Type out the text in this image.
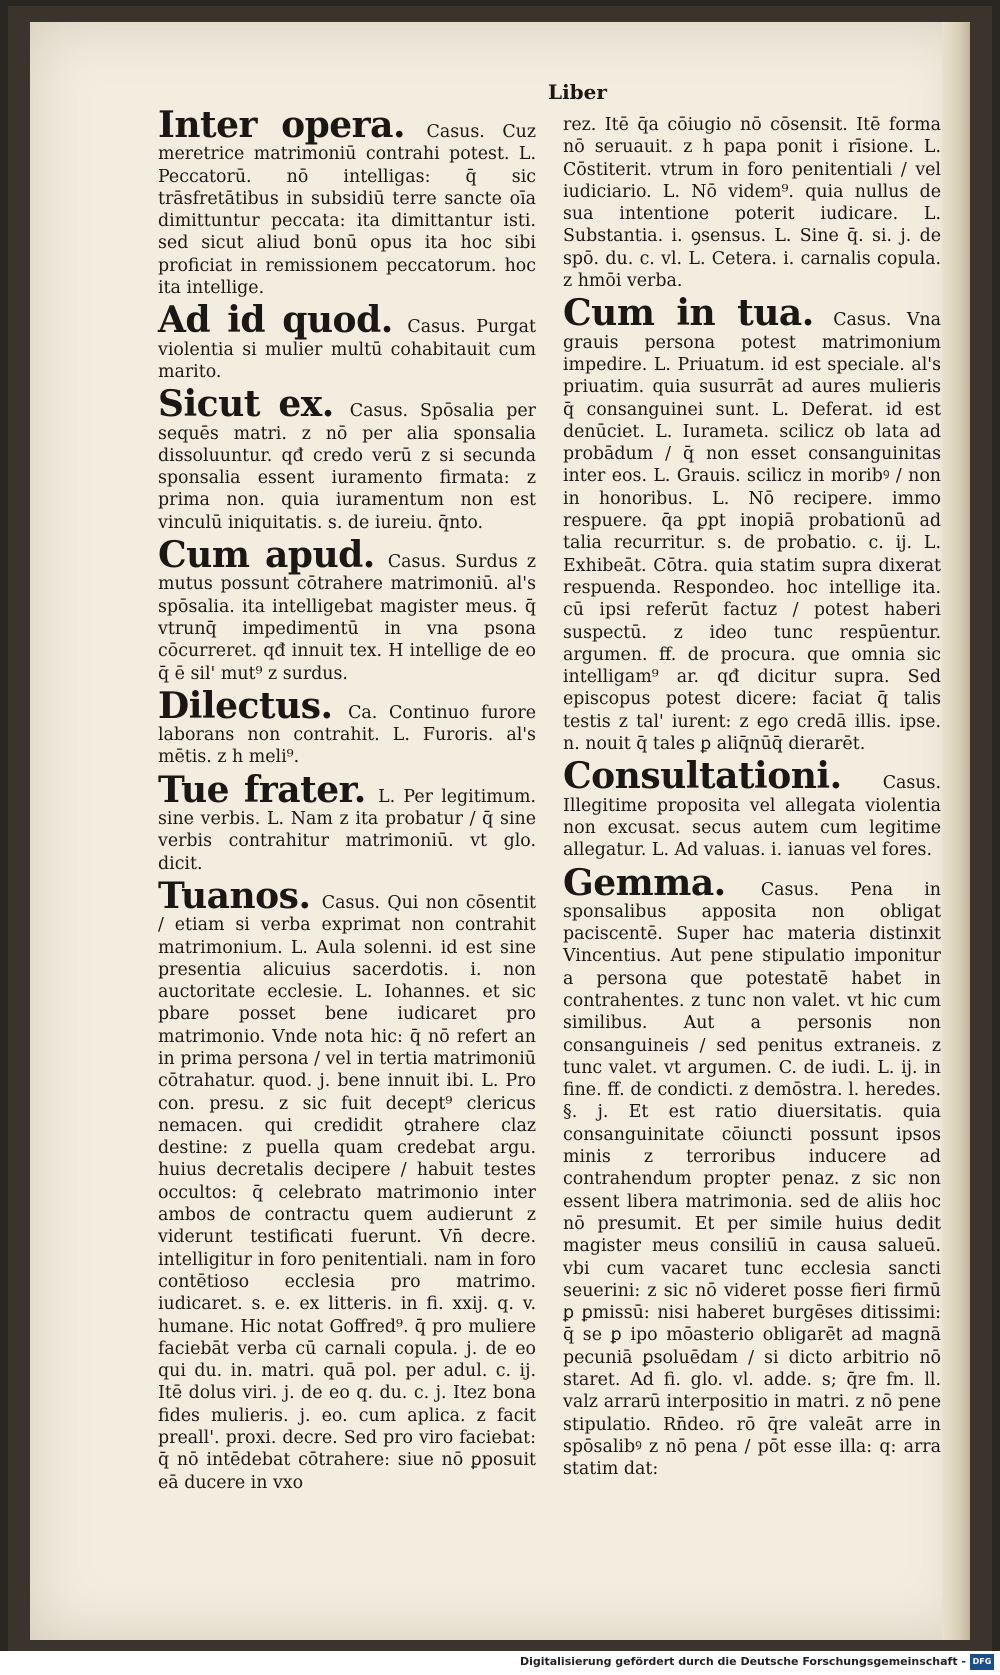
Liber

Inter opera. Casus. Cuz meretrice matrimoniū contrahi potest. L. Peccatorū. nō intelligas: q̄ sic trāsfretātibus in subsidiū terre sancte oīa dimittuntur peccata: ita dimittantur isti. sed sicut aliud bonū opus ita hoc sibi proficiat in remissionem peccatorum. hoc ita intellige.

Ad id quod. Casus. Purgat violentia si mulier multū cohabitauit cum marito.

Sicut ex. Casus. Spōsalia per sequēs matri. z nō per alia sponsalia dissoluuntur. qđ credo verū z si secunda sponsalia essent iuramento firmata: z prima non. quia iuramentum non est vinculū iniquitatis. s. de iureiu. q̄nto.

Cum apud. Casus. Surdus z mutus possunt cōtrahere matrimoniū. al's spōsalia. ita intelligebat magister meus. q̄ vtrunq̄ impedimentū in vna psona cōcurreret. qđ innuit tex. H intellige de eo q̄ ē sil' mut⁹ z surdus.

Dilectus. Ca. Continuo furore laborans non contrahit. L. Furoris. al's mētis. z h meli⁹.

Tue frater. L. Per legitimum. sine verbis. L. Nam z ita probatur / q̄ sine verbis contrahitur matrimoniū. vt glo. dicit.

Tuanos. Casus. Qui non cōsentit / etiam si verba exprimat non contrahit matrimonium. L. Aula solenni. id est sine presentia alicuius sacerdotis. i. non auctoritate ecclesie. L. Iohannes. et sic pbare posset bene iudicaret pro matrimonio. Vnde nota hic: q̄ nō refert an in prima persona / vel in tertia matrimoniū cōtrahatur. quod. j. bene innuit ibi. L. Pro con. presu. z sic fuit decept⁹ clericus nemacen. qui credidit ꝯtrahere claz destine: z puella quam credebat argu. huius decretalis decipere / habuit testes occultos: q̄ celebrato matrimonio inter ambos de contractu quem audierunt z viderunt testificati fuerunt. Vn̄ decre. intelligitur in foro penitentiali. nam in foro contētioso ecclesia pro matrimo. iudicaret. s. e. ex litteris. in fi. xxij. q. v. humane. Hic notat Goffred⁹. q̄ pro muliere faciebāt verba cū carnali copula. j. de eo qui du. in. matri. quā pol. per adul. c. ij. Itē dolus viri. j. de eo q. du. c. j. Itez bona fides mulieris. j. eo. cum aplica. z facit preall'. proxi. decre. Sed pro viro faciebat: q̄ nō intēdebat cōtrahere: siue nō ꝑposuit eā ducere in vxo

rez. Itē q̄a cōiugio nō cōsensit. Itē forma nō seruauit. z h papa ponit i rīsione. L. Cōstiterit. vtrum in foro penitentiali / vel iudiciario. L. Nō videm⁹. quia nullus de sua intentione poterit iudicare. L. Substantia. i. ꝯsensus. L. Sine q̄. si. j. de spō. du. c. vl. L. Cetera. i. carnalis copula. z hmōi verba.

Cum in tua. Casus. Vna grauis persona potest matrimonium impedire. L. Priuatum. id est speciale. al's priuatim. quia susurrāt ad aures mulieris q̄ consanguinei sunt. L. Deferat. id est denūciet. L. Iurameta. scilicz ob lata ad probādum / q̄ non esset consanguinitas inter eos. L. Grauis. scilicz in moribꝰ / non in honoribus. L. Nō recipere. immo respuere. q̄a ꝑpt inopiā probationū ad talia recurritur. s. de probatio. c. ij. L. Exhibeāt. Cōtra. quia statim supra dixerat respuenda. Respondeo. hoc intellige ita. cū ipsi referūt factuz / potest haberi suspectū. z ideo tunc respūentur. argumen. ff. de procura. que omnia sic intelligam⁹ ar. qđ dicitur supra. Sed episcopus potest dicere: faciat q̄ talis testis z tal' iurent: z ego credā illis. ipse. n. nouit q̄ tales ꝑ aliq̄nūq̄ dierarēt.

Consultationi. Casus. Illegitime proposita vel allegata violentia non excusat. secus autem cum legitime allegatur. L. Ad valuas. i. ianuas vel fores.

Gemma. Casus. Pena in sponsalibus apposita non obligat paciscentē. Super hac materia distinxit Vincentius. Aut pene stipulatio imponitur a persona que potestatē habet in contrahentes. z tunc non valet. vt hic cum similibus. Aut a personis non consanguineis / sed penitus extraneis. z tunc valet. vt argumen. C. de iudi. L. ij. in fine. ff. de condicti. z demōstra. l. heredes. §. j. Et est ratio diuersitatis. quia consanguinitate cōiuncti possunt ipsos minis z terroribus inducere ad contrahendum propter penaz. z sic non essent libera matrimonia. sed de aliis hoc nō presumit. Et per simile huius dedit magister meus consiliū in causa salueū. vbi cum vacaret tunc ecclesia sancti seuerini: z sic nō videret posse fieri firmū ꝑ ꝑmissū: nisi haberet burgēses ditissimi: q̄ se ꝑ ipo mōasterio obligarēt ad magnā pecuniā ꝑsoluēdam / si dicto arbitrio nō staret. Ad fi. glo. vl. adde. s; q̄re fm. ll. valz arrarū interpositio in matri. z nō pene stipulatio. Rn̄deo. rō q̄re valeāt arre in spōsalibꝰ z nō pena / pōt esse illa: q: arra statim dat:

Digitalisierung gefördert durch die Deutsche Forschungsgemeinschaft - DFG
